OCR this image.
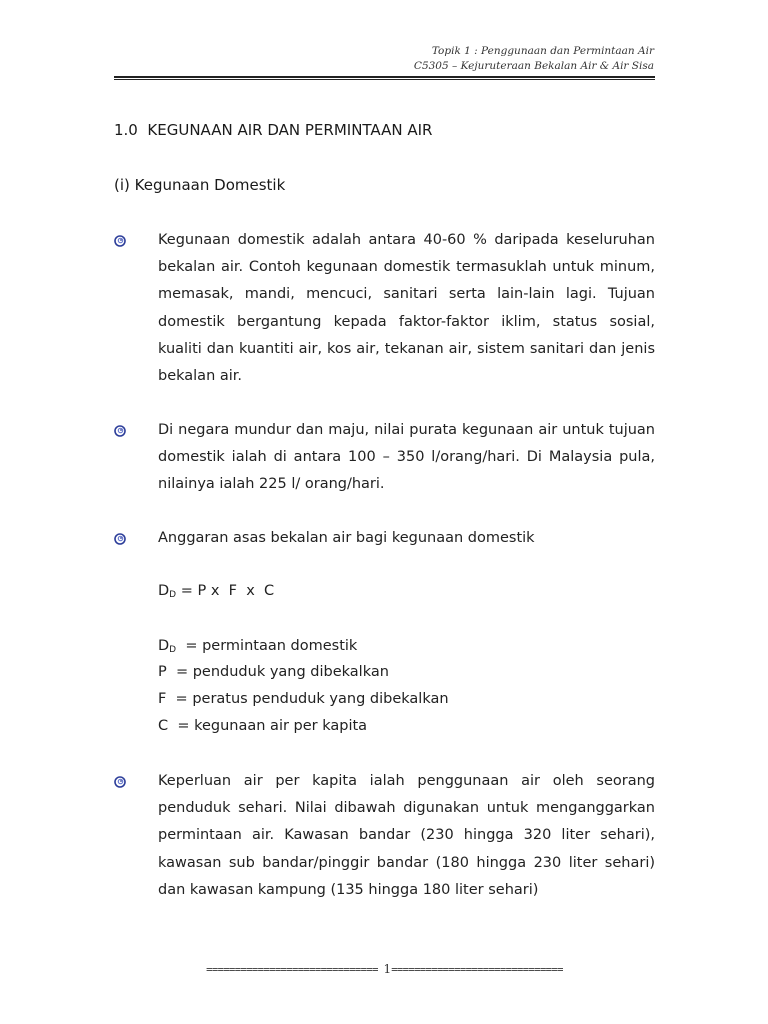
Topik 1 : Penggunaan dan Permintaan Air
C5305 – Kejuruteraan Bekalan Air & Air Sisa
1.0 KEGUNAAN AIR DAN PERMINTAAN AIR
(i) Kegunaan Domestik
Kegunaan domestik adalah antara 40-60 % daripada keseluruhan bekalan air. Contoh kegunaan domestik termasuklah untuk minum, memasak, mandi, mencuci, sanitari serta lain-lain lagi. Tujuan domestik bergantung kepada faktor-faktor iklim, status sosial, kualiti dan kuantiti air, kos air, tekanan air, sistem sanitari dan jenis bekalan air.
Di negara mundur dan maju, nilai purata kegunaan air untuk tujuan domestik ialah di antara 100 – 350 l/orang/hari. Di Malaysia pula, nilainya ialah 225 l/ orang/hari.
Anggaran asas bekalan air bagi kegunaan domestik
$D_D = P$ x  F  x  C
$D_D$  = permintaan domestik
P  = penduduk yang dibekalkan
F  = peratus penduduk yang dibekalkan
C  = kegunaan air per kapita
Keperluan air per kapita ialah penggunaan air oleh seorang penduduk sehari. Nilai dibawah digunakan untuk menganggarkan permintaan air. Kawasan bandar (230 hingga 320 liter sehari), kawasan sub bandar/pinggir bandar (180 hingga 230 liter sehari) dan kawasan kampung (135 hingga 180 liter sehari)
============================== 1==============================
